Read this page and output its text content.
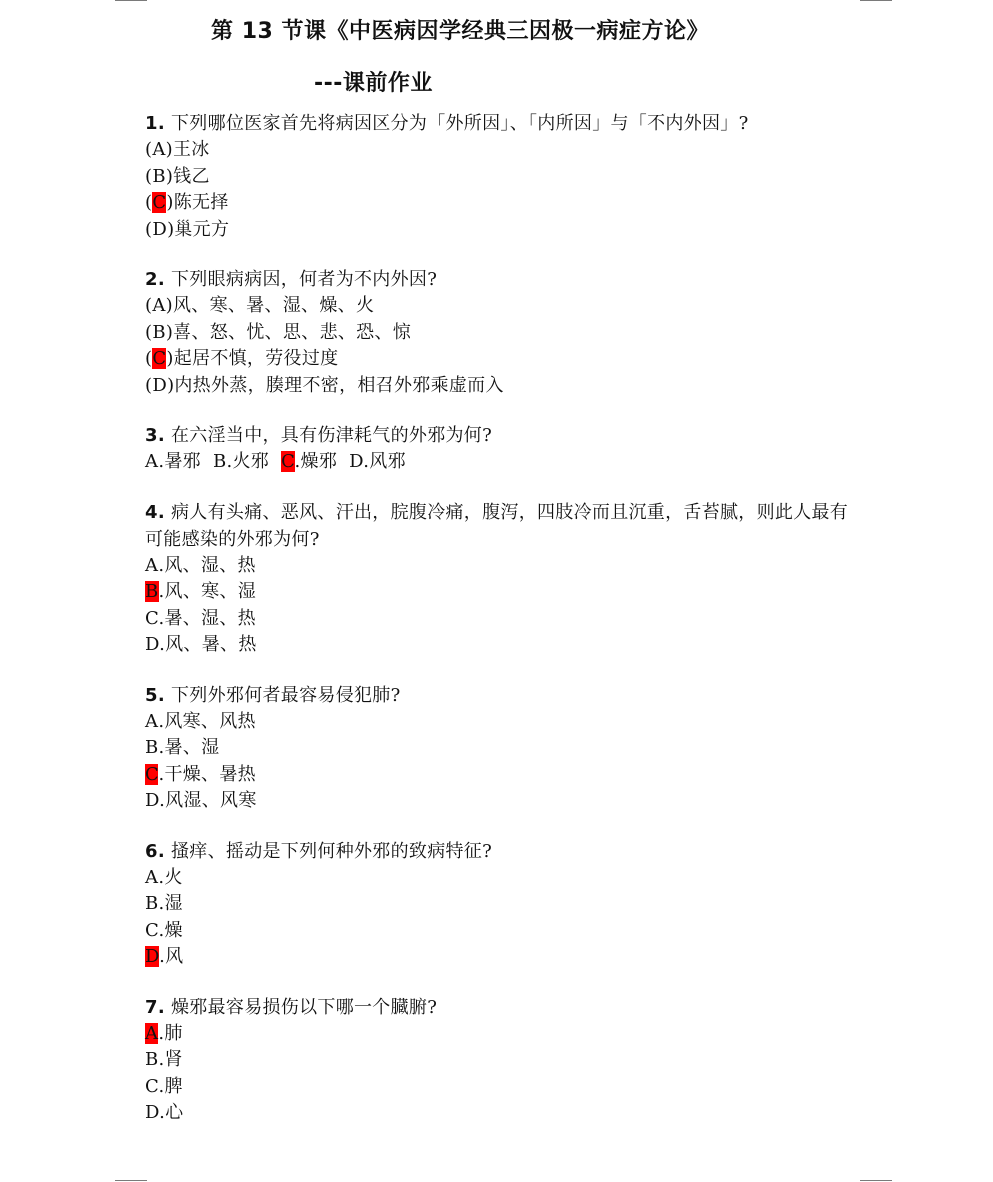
第 13 节课《中医病因学经典三因极一病症方论》
---课前作业
1. 下列哪位医家首先将病因区分为「外所因」、「内所因」与「不内外因」?
(A)王冰
(B)钱乙
(C)陈无择
(D)巢元方
2. 下列眼病病因，何者为不内外因?
(A)风、寒、暑、湿、燥、火
(B)喜、怒、忧、思、悲、恐、惊
(C)起居不慎，劳役过度
(D)内热外蒸，腠理不密，相召外邪乘虚而入
3. 在六淫当中，具有伤津耗气的外邪为何?
A.暑邪 B.火邪 C.燥邪 D.风邪
4. 病人有头痛、恶风、汗出，脘腹冷痛，腹泻，四肢冷而且沉重，舌苔腻，则此人最有可能感染的外邪为何?
A.风、湿、热
B.风、寒、湿
C.暑、湿、热
D.风、暑、热
5. 下列外邪何者最容易侵犯肺?
A.风寒、风热
B.暑、湿
C.干燥、暑热
D.风湿、风寒
6. 搔痒、摇动是下列何种外邪的致病特征?
A.火
B.湿
C.燥
D.风
7. 燥邪最容易损伤以下哪一个臓腑?
A.肺
B.肾
C.脾
D.心
